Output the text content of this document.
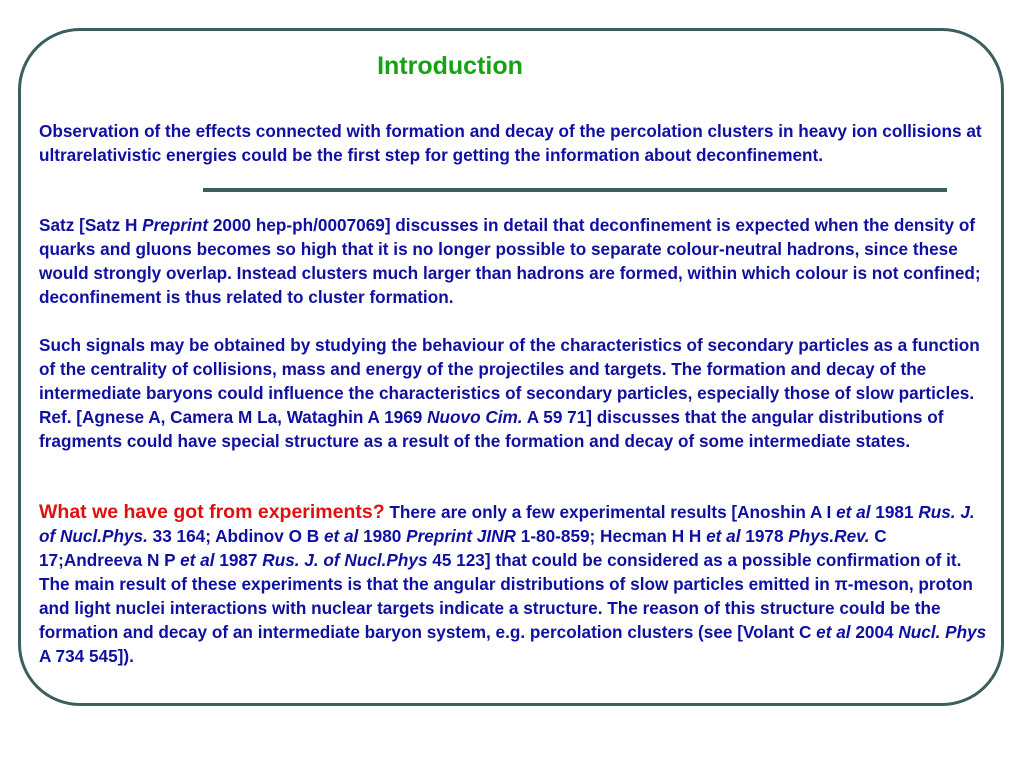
Introduction

Observation of the effects connected with formation and decay of the percolation clusters in heavy ion collisions at ultrarelativistic energies could be the first step for getting the information about deconfinement.

Satz [Satz H Preprint 2000 hep-ph/0007069] discusses in detail that deconfinement is expected when the density of quarks and gluons becomes so high that it is no longer possible to separate colour-neutral hadrons, since these would strongly overlap. Instead clusters much larger than hadrons are formed, within which colour is not confined; deconfinement is thus related to cluster formation.

Such signals may be obtained by studying the behaviour of the characteristics of secondary particles as a function of the centrality of collisions, mass and energy of the projectiles and targets. The formation and decay of the intermediate baryons could influence the characteristics of secondary particles, especially those of slow particles. Ref. [Agnese A, Camera M La, Wataghin A 1969 Nuovo Cim. A 59 71] discusses that the angular distributions of fragments could have special structure as a result of the formation and decay of some intermediate states.

What we have got from experiments? There are only a few experimental results [Anoshin A I et al 1981 Rus. J. of Nucl.Phys. 33 164; Abdinov O B et al 1980 Preprint JINR 1-80-859; Hecman H H et al 1978 Phys.Rev. C 17;Andreeva N P et al 1987 Rus. J. of Nucl.Phys 45 123] that could be considered as a possible confirmation of it. The main result of these experiments is that the angular distributions of slow particles emitted in π-meson, proton and light nuclei interactions with nuclear targets indicate a structure. The reason of this structure could be the formation and decay of an intermediate baryon system, e.g. percolation clusters (see [Volant C et al 2004 Nucl. Phys A 734 545]).
